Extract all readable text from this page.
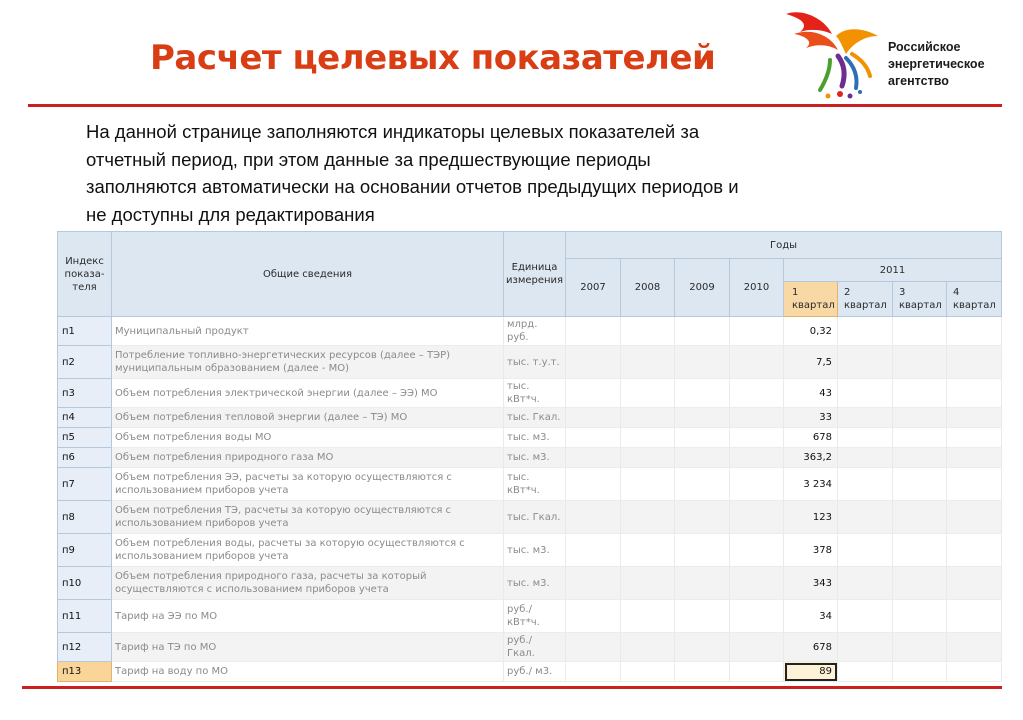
Расчет целевых показателей	Российское
энергетическое
агентство
На данной странице заполняются индикаторы целевых показателей за
отчетный период, при этом данные за предшествующие периоды
заполняются автоматически на основании отчетов предыдущих периодов и
не доступны для редактирования
Индекс показа-теля	Общие сведения	Единица измерения	Годы							
			2007	2008	2009	2010	2011			
							1 квартал	2 квартал	3 квартал	4 квартал
п1	Муниципальный продукт	млрд. руб.					0,32			
п2	Потребление топливно-энергетических ресурсов (далее – ТЭР) муниципальным образованием (далее - МО)	тыс. т.у.т.					7,5			
п3	Объем потребления электрической энергии (далее – ЭЭ) МО	тыс. кВт*ч.					43			
п4	Объем потребления тепловой энергии (далее – ТЭ) МО	тыс. Гкал.					33			
п5	Объем потребления воды МО	тыс. м3.					678			
п6	Объем потребления природного газа МО	тыс. м3.					363,2			
п7	Объем потребления ЭЭ, расчеты за которую осуществляются с использованием приборов учета	тыс. кВт*ч.					3 234			
п8	Объем потребления ТЭ, расчеты за которую осуществляются с использованием приборов учета	тыс. Гкал.					123			
п9	Объем потребления воды, расчеты за которую осуществляются с использованием приборов учета	тыс. м3.					378			
п10	Объем потребления природного газа, расчеты за который осуществляются с использованием приборов учета	тыс. м3.					343			
п11	Тариф на ЭЭ по МО	руб./ кВт*ч.					34			
п12	Тариф на ТЭ по МО	руб./ Гкал.					678			
п13	Тариф на воду по МО	руб./ м3.					89			
